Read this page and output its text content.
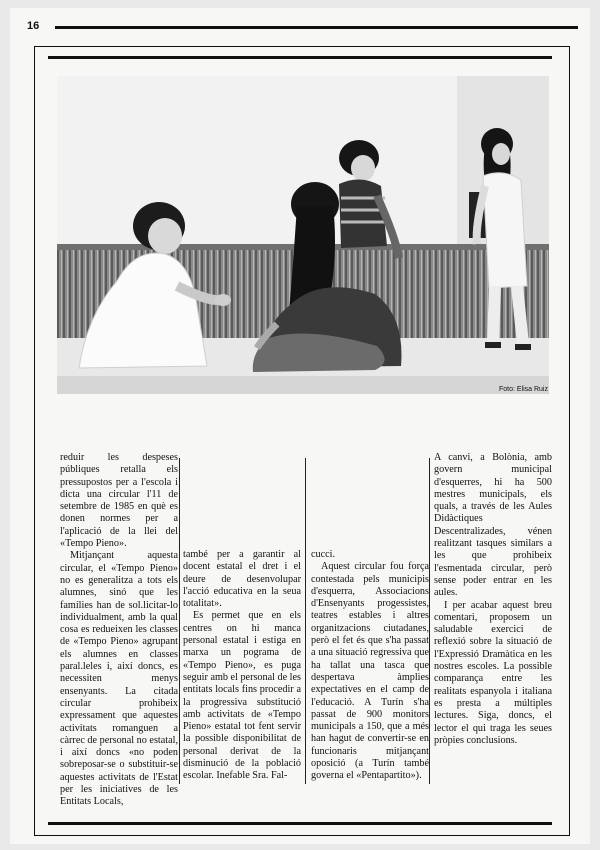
16
Foto: Elisa Ruiz

reduir les despeses públiques retalla els pressupostos per a l'escola i dicta una circular l'11 de setembre de 1985 en què es donen normes per a l'aplicació de la llei del «Tempo Pieno».

Mitjançant aquesta circular, el «Tempo Pieno» no es generalitza a tots els alumnes, sinó que les famílies han de sol.licitar-lo individualment, amb la qual cosa es redueixen les classes de «Tempo Pieno» agrupant els alumnes en classes paral.leles i, així doncs, es necessiten menys ensenyants. La citada circular prohibeix expressament que aquestes activitats romanguen a càrrec de personal no estatal, i així doncs «no poden sobreposar-se o substituir-se aquestes activitats de l'Estat per les iniciatives de les Entitats Locals,

també per a garantir al docent estatal el dret i el deure de desenvolupar l'acció educativa en la seua totalitat».

Es permet que en els centres on hi manca personal estatal i estiga en marxa un pograma de «Tempo Pieno», es puga seguir amb el personal de les entitats locals fins procedir a la progressiva substitució amb activitats de «Tempo Pieno» estatal tot fent servir la possible disponibilitat de personal derivat de la disminució de la població escolar. Inefable Sra. Fal-

cucci.

Aquest circular fou força contestada pels municipis d'esquerra, Associacions d'Ensenyants progessistes, teatres estables i altres organitzacions ciutadanes, però el fet és que s'ha passat a una situació regressiva que ha tallat una tasca que despertava àmplies expectatives en el camp de l'educació. A Turín s'ha passat de 900 monitors municipals a 150, que a més han hagut de convertir-se en funcionaris mitjançant oposició (a Turín també governa el «Pentapartito»).

A canvi, a Bolònia, amb govern municipal d'esquerres, hi ha 500 mestres municipals, els quals, a través de les Aules Didàctiques Descentralizades, vénen realitzant tasques similars a les que prohibeix l'esmentada circular, però sense poder entrar en les aules.

I per acabar aquest breu comentari, proposem un saludable exercici de reflexió sobre la situació de l'Expressió Dramàtica en les nostres escoles. La possible comparança entre les realitats espanyola i italiana es presta a múltiples lectures. Siga, doncs, el lector el qui traga les seues pròpies conclusions.
